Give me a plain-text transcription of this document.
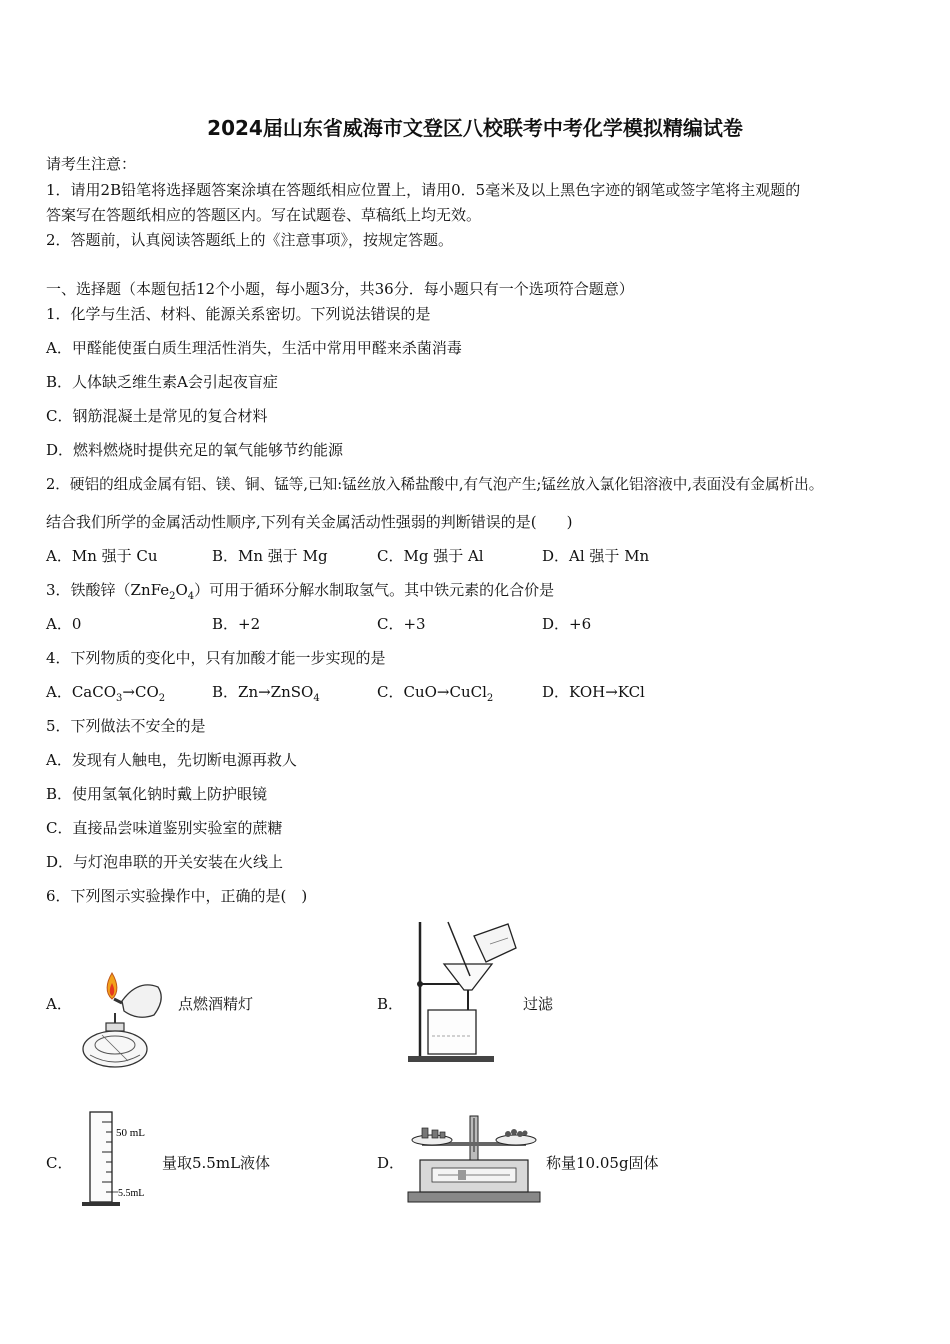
2024届山东省威海市文登区八校联考中考化学模拟精编试卷
请考生注意：
1．请用2B铅笔将选择题答案涂填在答题纸相应位置上，请用0．5毫米及以上黑色字迹的钢笔或签字笔将主观题的
答案写在答题纸相应的答题区内。写在试题卷、草稿纸上均无效。
2．答题前，认真阅读答题纸上的《注意事项》，按规定答题。
一、选择题（本题包括12个小题，每小题3分，共36分．每小题只有一个选项符合题意）
1．化学与生活、材料、能源关系密切。下列说法错误的是
A．甲醛能使蛋白质生理活性消失，生活中常用甲醛来杀菌消毒
B．人体缺乏维生素A会引起夜盲症
C．钢筋混凝土是常见的复合材料
D．燃料燃烧时提供充足的氧气能够节约能源
2．硬铝的组成金属有铝、镁、铜、锰等,已知:锰丝放入稀盐酸中,有气泡产生;锰丝放入氯化铝溶液中,表面没有金属析出。
结合我们所学的金属活动性顺序,下列有关金属活动性强弱的判断错误的是(　　)
A．Mn 强于 Cu	B．Mn 强于 Mg	C．Mg 强于 Al	D．Al 强于 Mn
3．铁酸锌$(ZnFe_2O_4)$可用于循环分解水制取氢气。其中铁元素的化合价是
A．0	B．+2	C．+3	D．+6
4．下列物质的变化中，只有加酸才能一步实现的是
A．$CaCO_3\to CO_2$	B．Zn→ZnSO$_4$	C．CuO→CuCl$_2$	D．KOH→KCl
5．下列做法不安全的是
A．发现有人触电，先切断电源再救人
B．使用氢氧化钠时戴上防护眼镜
C．直接品尝味道鉴别实验室的蔗糖
D．与灯泡串联的开关安装在火线上
6．下列图示实验操作中，正确的是(　)
A．	点燃酒精灯	B．	过滤
C．
50 mL
5.5mL
量取5.5mL液体	D．	称量10.05g固体
